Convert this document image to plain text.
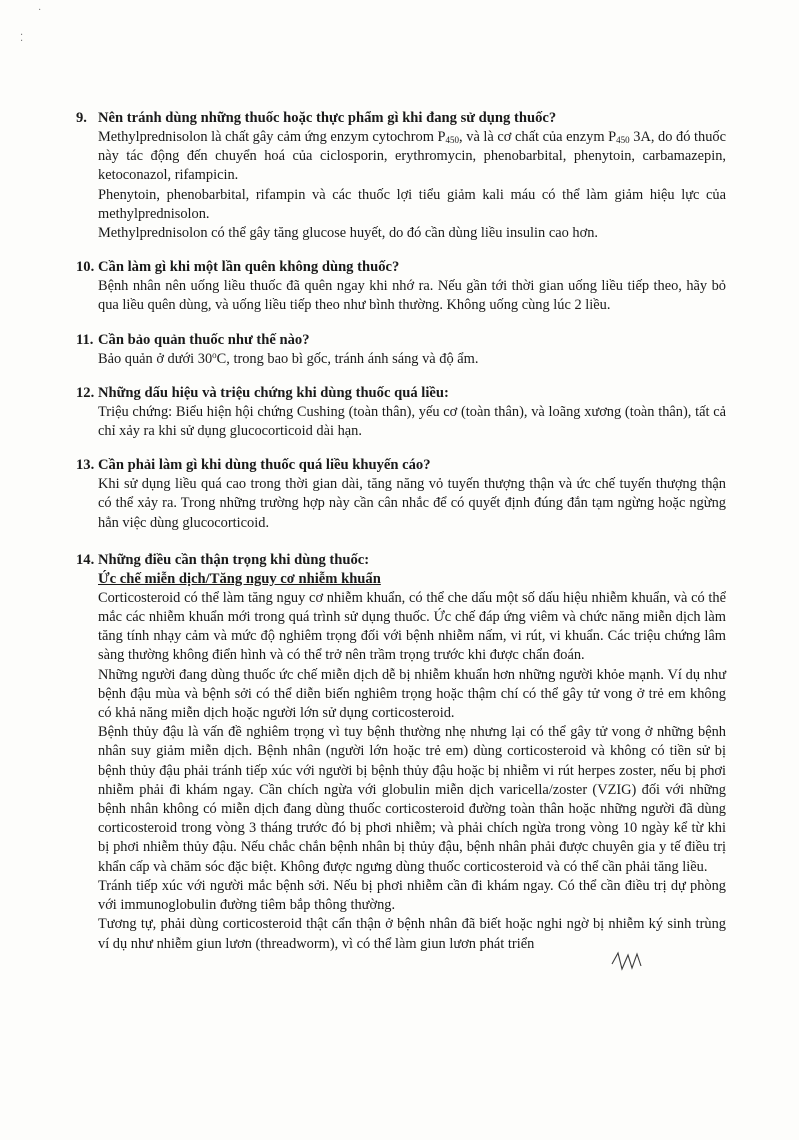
·
⁚
9. Nên tránh dùng những thuốc hoặc thực phẩm gì khi đang sử dụng thuốc?

Methylprednisolon là chất gây cảm ứng enzym cytochrom $P_{450}$, và là cơ chất của enzym $P_{450}$ 3A, do đó thuốc này tác động đến chuyển hoá của ciclosporin, erythromycin, phenobarbital, phenytoin, carbamazepin, ketoconazol, rifampicin.

Phenytoin, phenobarbital, rifampin và các thuốc lợi tiểu giảm kali máu có thể làm giảm hiệu lực của methylprednisolon.

Methylprednisolon có thể gây tăng glucose huyết, do đó cần dùng liều insulin cao hơn.

10. Cần làm gì khi một lần quên không dùng thuốc?

Bệnh nhân nên uống liều thuốc đã quên ngay khi nhớ ra. Nếu gần tới thời gian uống liều tiếp theo, hãy bỏ qua liều quên dùng, và uống liều tiếp theo như bình thường. Không uống cùng lúc 2 liều.

11. Cần bảo quản thuốc như thế nào?

Bảo quản ở dưới 30$^o$C, trong bao bì gốc, tránh ánh sáng và độ ẩm.

12. Những dấu hiệu và triệu chứng khi dùng thuốc quá liều:

Triệu chứng: Biểu hiện hội chứng Cushing (toàn thân), yếu cơ (toàn thân), và loãng xương (toàn thân), tất cả chỉ xảy ra khi sử dụng glucocorticoid dài hạn.

13. Cần phải làm gì khi dùng thuốc quá liều khuyến cáo?

Khi sử dụng liều quá cao trong thời gian dài, tăng năng vỏ tuyến thượng thận và ức chế tuyến thượng thận có thể xảy ra. Trong những trường hợp này cần cân nhắc để có quyết định đúng đắn tạm ngừng hoặc ngừng hẳn việc dùng glucocorticoid.

14. Những điều cần thận trọng khi dùng thuốc:

Ức chế miễn dịch/Tăng nguy cơ nhiễm khuẩn

Corticosteroid có thể làm tăng nguy cơ nhiễm khuẩn, có thể che dấu một số dấu hiệu nhiễm khuẩn, và có thể mắc các nhiễm khuẩn mới trong quá trình sử dụng thuốc. Ức chế đáp ứng viêm và chức năng miễn dịch làm tăng tính nhạy cảm và mức độ nghiêm trọng đối với bệnh nhiễm nấm, vi rút, vi khuẩn. Các triệu chứng lâm sàng thường không điển hình và có thể trở nên trầm trọng trước khi được chẩn đoán.

Những người đang dùng thuốc ức chế miễn dịch dễ bị nhiễm khuẩn hơn những người khỏe mạnh. Ví dụ như bệnh đậu mùa và bệnh sởi có thể diễn biến nghiêm trọng hoặc thậm chí có thể gây tử vong ở trẻ em không có khả năng miễn dịch hoặc người lớn sử dụng corticosteroid.

Bệnh thủy đậu là vấn đề nghiêm trọng vì tuy bệnh thường nhẹ nhưng lại có thể gây tử vong ở những bệnh nhân suy giảm miễn dịch. Bệnh nhân (người lớn hoặc trẻ em) dùng corticosteroid và không có tiền sử bị bệnh thủy đậu phải tránh tiếp xúc với người bị bệnh thủy đậu hoặc bị nhiễm vi rút herpes zoster, nếu bị phơi nhiễm phải đi khám ngay. Cần chích ngừa với globulin miễn dịch varicella/zoster (VZIG) đối với những bệnh nhân không có miễn dịch đang dùng thuốc corticosteroid đường toàn thân hoặc những người đã dùng corticosteroid trong vòng 3 tháng trước đó bị phơi nhiễm; và phải chích ngừa trong vòng 10 ngày kể từ khi bị phơi nhiễm thủy đậu. Nếu chắc chắn bệnh nhân bị thủy đậu, bệnh nhân phải được chuyên gia y tế điều trị khẩn cấp và chăm sóc đặc biệt. Không được ngưng dùng thuốc corticosteroid và có thể cần phải tăng liều.

Tránh tiếp xúc với người mắc bệnh sởi. Nếu bị phơi nhiễm cần đi khám ngay. Có thể cần điều trị dự phòng với immunoglobulin đường tiêm bắp thông thường.

Tương tự, phải dùng corticosteroid thật cẩn thận ở bệnh nhân đã biết hoặc nghi ngờ bị nhiễm ký sinh trùng ví dụ như nhiễm giun lươn (threadworm), vì có thể làm giun lươn phát triển
